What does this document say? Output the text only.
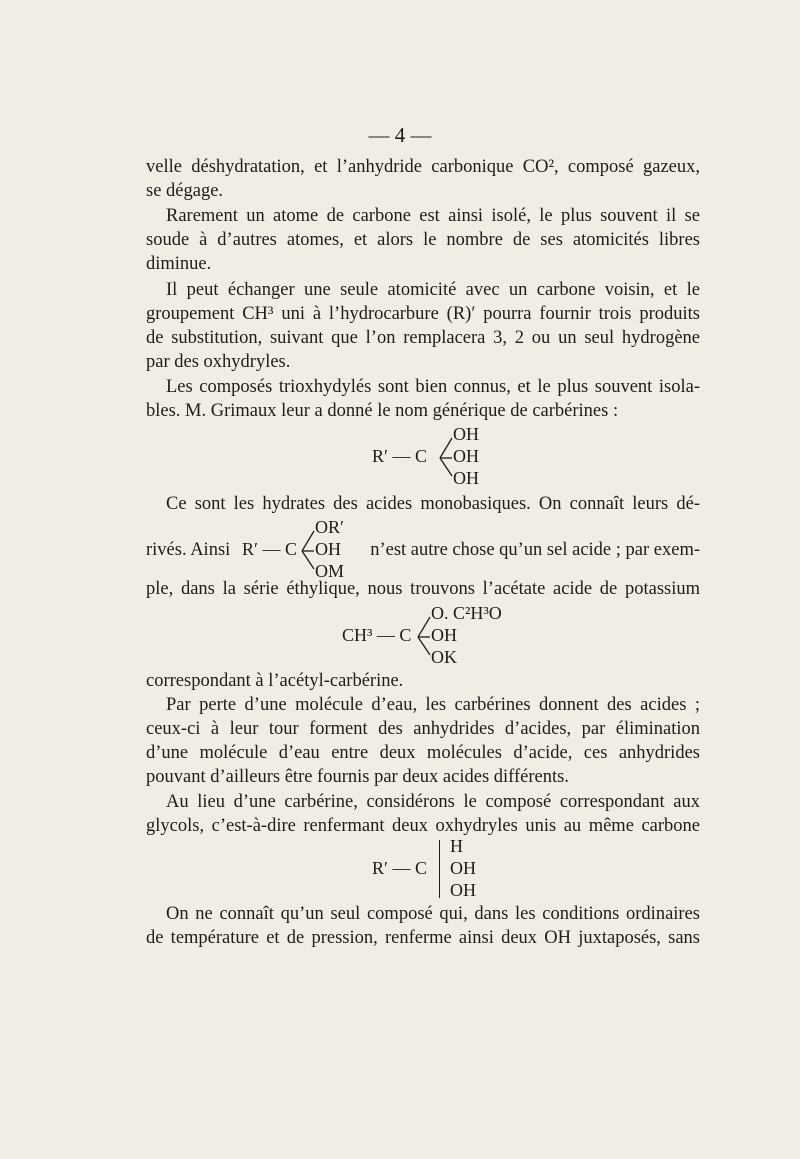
— 4 —
velle déshydratation, et l’anhydride carbonique CO², composé gazeux,
se dégage.
Rarement un atome de carbone est ainsi isolé, le plus souvent il se
soude à d’autres atomes, et alors le nombre de ses atomicités libres
diminue.
Il peut échanger une seule atomicité avec un carbone voisin, et le
groupement CH³ uni à l’hydrocarbure (R)′ pourra fournir trois produits
de substitution, suivant que l’on remplacera 3, 2 ou un seul hydrogène
par des oxhydryles.
Les composés trioxhydylés sont bien connus, et le plus souvent isola-
bles. M. Grimaux leur a donné le nom générique de carbérines :
R′ — C
OH
OH
OH
Ce sont les hydrates des acides monobasiques. On connaît leurs dé-
rivés. Ainsi R′ — C
OR′
OH
OM
n’est autre chose qu’un sel acide ; par exem-
ple, dans la série éthylique, nous trouvons l’acétate acide de potassium
CH³ — C
O. C²H³O
OH
OK
correspondant à l’acétyl-carbérine.
Par perte d’une molécule d’eau, les carbérines donnent des acides ;
ceux-ci à leur tour forment des anhydrides d’acides, par élimination
d’une molécule d’eau entre deux molécules d’acide, ces anhydrides
pouvant d’ailleurs être fournis par deux acides différents.
Au lieu d’une carbérine, considérons le composé correspondant aux
glycols, c’est-à-dire renfermant deux oxhydryles unis au même carbone
R′ — C
H
OH
OH
On ne connaît qu’un seul composé qui, dans les conditions ordinaires
de température et de pression, renferme ainsi deux OH juxtaposés, sans
